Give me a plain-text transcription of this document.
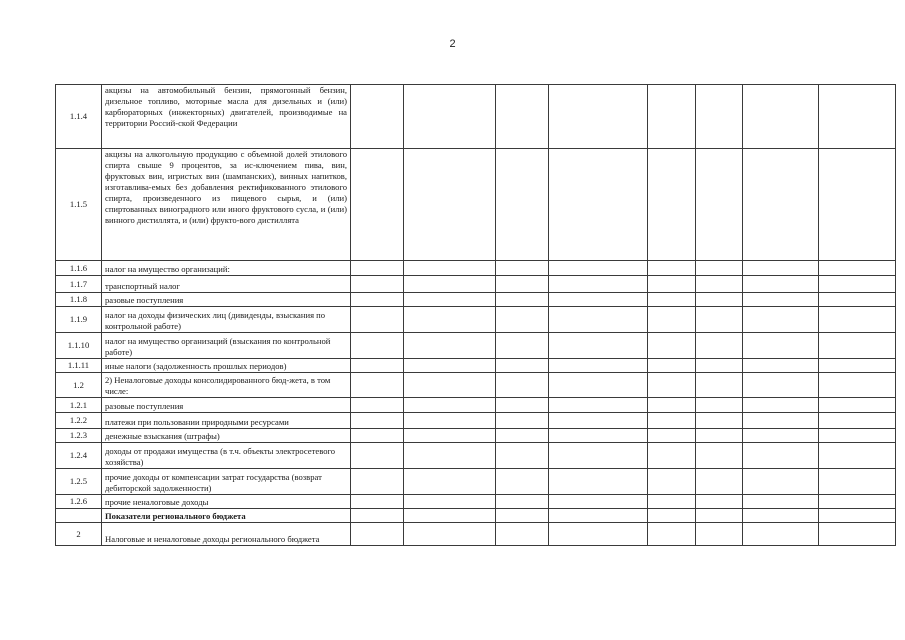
2
1.1.4	акцизы на автомобильный бензин, прямогонный бензин, дизельное топливо, моторные масла для дизельных и (или) карбюраторных (инжекторных) двигателей, производимые на территории Россий-ской Федерации								
1.1.5	акцизы на алкогольную продукцию с объемной долей этилового спирта свыше 9 процентов, за ис-ключением пива, вин, фруктовых вин, игристых вин (шампанских), винных напитков, изготавлива-емых без добавления ректификованного этилового спирта, произведенного из пищевого сырья, и (или) спиртованных виноградного или иного фруктового сусла, и (или) винного дистиллята, и (или) фрукто-вого дистиллята								
1.1.6	налог на имущество организаций:								
1.1.7	транспортный налог								
1.1.8	разовые поступления								
1.1.9	налог на доходы физических лиц (дивиденды, взыскания по контрольной работе)								
1.1.10	налог на имущество организаций (взыскания по контрольной работе)								
1.1.11	иные налоги (задолженность прошлых периодов)								
1.2	2) Неналоговые доходы консолидированного бюд-жета, в том числе:								
1.2.1	разовые поступления								
1.2.2	платежи при пользовании природными ресурсами								
1.2.3	денежные взыскания (штрафы)								
1.2.4	доходы от продажи имущества (в т.ч. объекты электросетевого хозяйства)								
1.2.5	прочие доходы от компенсации затрат государства (возврат дебиторской задолженности)								
1.2.6	прочие неналоговые доходы								
	Показатели регионального бюджета								
2	Налоговые и неналоговые доходы регионального бюджета								
